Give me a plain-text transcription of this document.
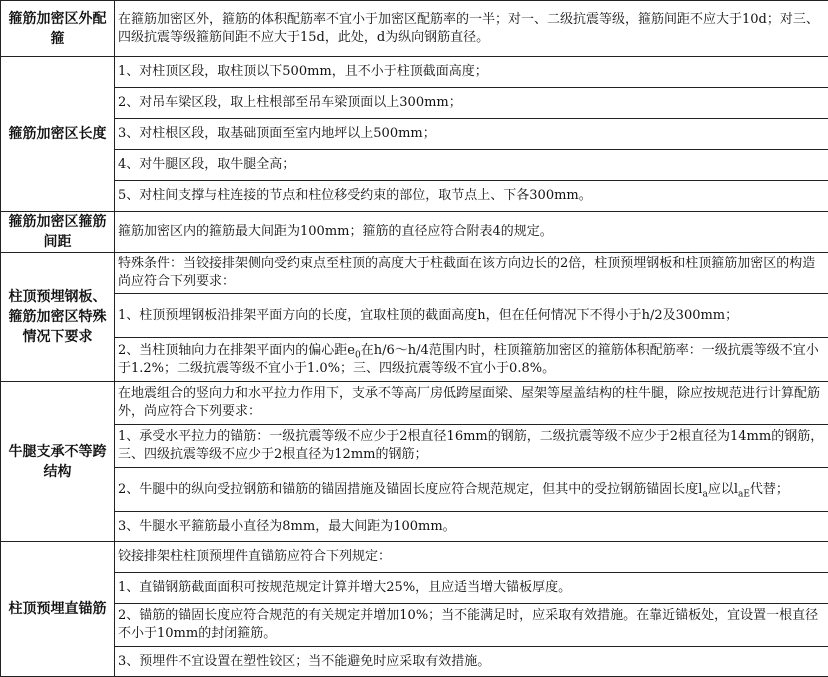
箍筋加密区外配箍	在箍筋加密区外，箍筋的体积配筋率不宜小于加密区配筋率的一半；对一、二级抗震等级，箍筋间距不应大于10d；对三、四级抗震等级箍筋间距不应大于15d，此处，d为纵向钢筋直径。
箍筋加密区长度	1、对柱顶区段，取柱顶以下500mm，且不小于柱顶截面高度；
	2、对吊车梁区段，取上柱根部至吊车梁顶面以上300mm；
	3、对柱根区段，取基础顶面至室内地坪以上500mm；
	4、对牛腿区段，取牛腿全高；
	5、对柱间支撑与柱连接的节点和柱位移受约束的部位，取节点上、下各300mm。
箍筋加密区箍筋间距	箍筋加密区内的箍筋最大间距为100mm；箍筋的直径应符合附表4的规定。
柱顶预埋钢板、箍筋加密区特殊情况下要求	特殊条件：当铰接排架侧向受约束点至柱顶的高度大于柱截面在该方向边长的2倍，柱顶预埋钢板和柱顶箍筋加密区的构造尚应符合下列要求：
	1、柱顶预埋钢板沿排架平面方向的长度，宜取柱顶的截面高度h，但在任何情况下不得小于h/2及300mm；
	2、当柱顶轴向力在排架平面内的偏心距$e_0$在h/6～h/4范围内时，柱顶箍筋加密区的箍筋体积配筋率：一级抗震等级不宜小于1.2%；二级抗震等级不宜小于1.0%；三、四级抗震等级不宜小于0.8%。
牛腿支承不等跨结构	在地震组合的竖向力和水平拉力作用下，支承不等高厂房低跨屋面梁、屋架等屋盖结构的柱牛腿，除应按规范进行计算配筋外，尚应符合下列要求：
	1、承受水平拉力的锚筋：一级抗震等级不应少于2根直径16mm的钢筋，二级抗震等级不应少于2根直径为14mm的钢筋，三、四级抗震等级不应少于2根直径为12mm的钢筋；
	2、牛腿中的纵向受拉钢筋和锚筋的锚固措施及锚固长度应符合规范规定，但其中的受拉钢筋锚固长度$l_a$应以$l_{aE}$代替；
	3、牛腿水平箍筋最小直径为8mm，最大间距为100mm。
柱顶预埋直锚筋	铰接排架柱柱顶预埋件直锚筋应符合下列规定：
	1、直锚钢筋截面面积可按规范规定计算并增大25%，且应适当增大锚板厚度。
	2、锚筋的锚固长度应符合规范的有关规定并增加10%；当不能满足时，应采取有效措施。在靠近锚板处，宜设置一根直径不小于10mm的封闭箍筋。
	3、预埋件不宜设置在塑性铰区；当不能避免时应采取有效措施。
